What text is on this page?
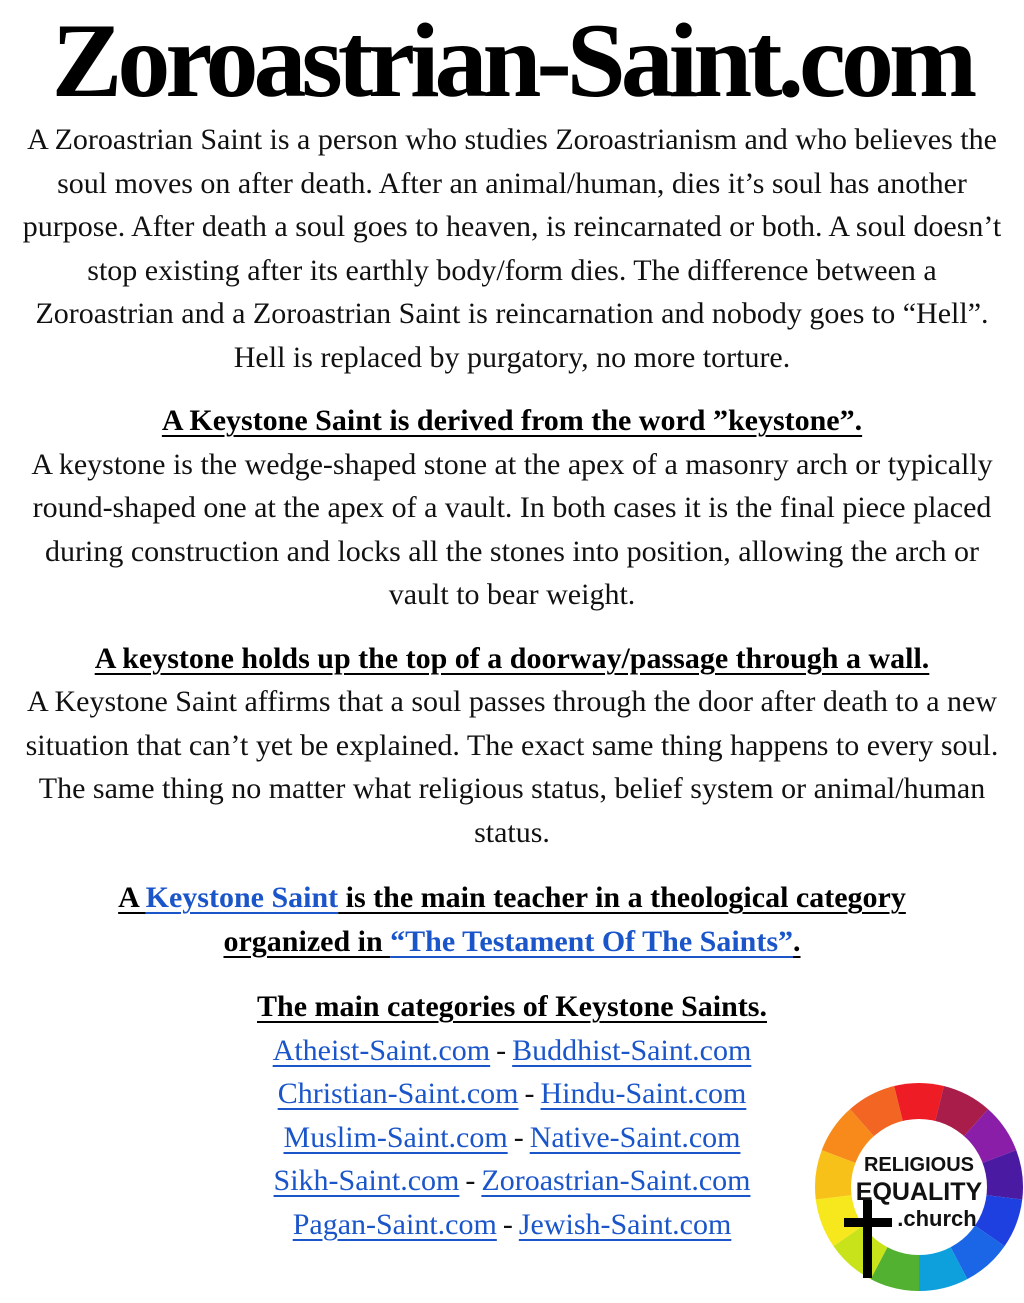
Zoroastrian-Saint.com

A Zoroastrian Saint is a person who studies Zoroastrianism and who believes the soul moves on after death. After an animal/human, dies it’s soul has another purpose. After death a soul goes to heaven, is reincarnated or both. A soul doesn’t stop existing after its earthly body/form dies. The difference between a Zoroastrian and a Zoroastrian Saint is reincarnation and nobody goes to “Hell”. Hell is replaced by purgatory, no more torture.

A Keystone Saint is derived from the word ”keystone”.

A keystone is the wedge-shaped stone at the apex of a masonry arch or typically round-shaped one at the apex of a vault. In both cases it is the final piece placed during construction and locks all the stones into position, allowing the arch or vault to bear weight.

A keystone holds up the top of a doorway/passage through a wall.

A Keystone Saint affirms that a soul passes through the door after death to a new situation that can’t yet be explained. The exact same thing happens to every soul. The same thing no matter what religious status, belief system or animal/human status.

A Keystone Saint is the main teacher in a theological category organized in “The Testament Of The Saints”.

The main categories of Keystone Saints.

Atheist-Saint.com - Buddhist-Saint.com
Christian-Saint.com - Hindu-Saint.com
Muslim-Saint.com - Native-Saint.com
Sikh-Saint.com - Zoroastrian-Saint.com
Pagan-Saint.com - Jewish-Saint.com
RELIGIOUS
EQUALITY
.church
